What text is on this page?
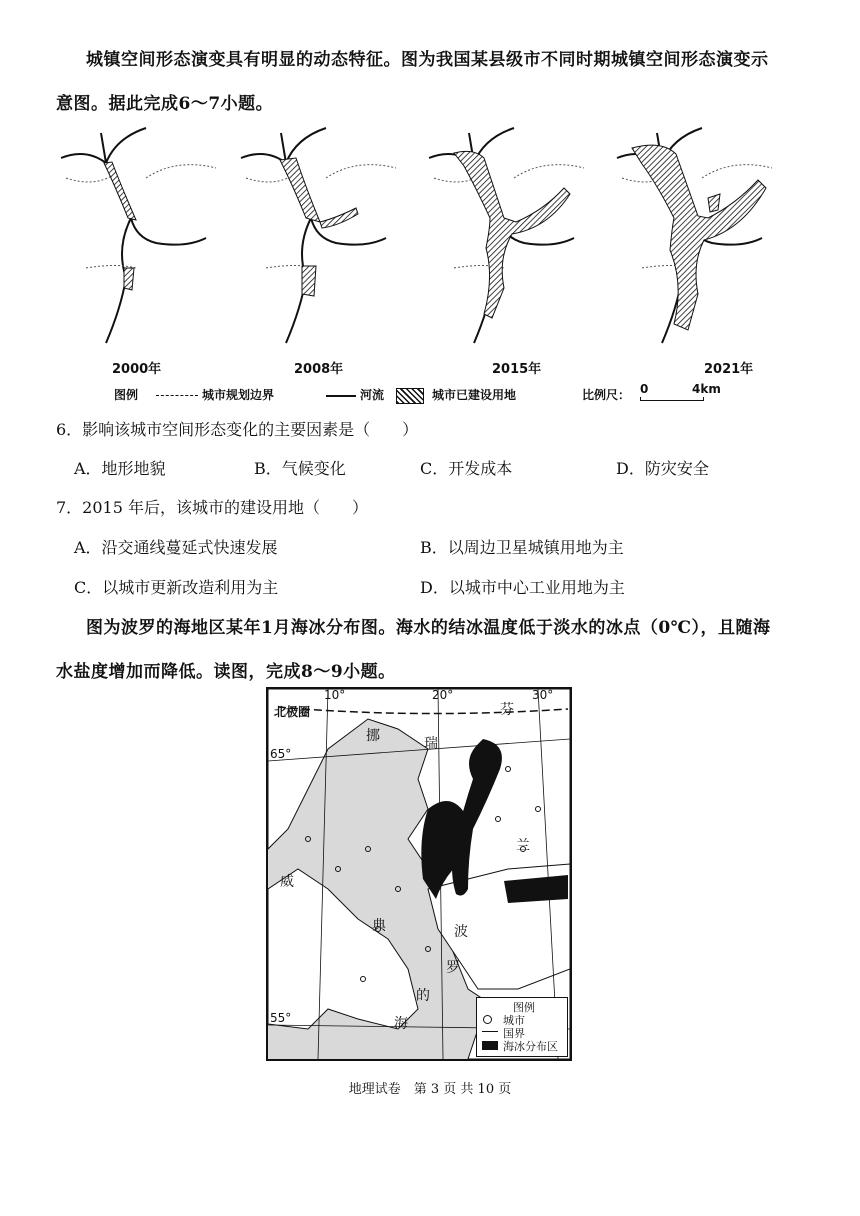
城镇空间形态演变具有明显的动态特征。图为我国某县级市不同时期城镇空间形态演变示
意图。据此完成6～7小题。
2000年	2008年	2015年	2021年
图例	城市规划边界	河流	城市已建设用地	比例尺： 0	4km
6．影响该城市空间形态变化的主要因素是（　　）
A．地形地貌	B．气候变化	C．开发成本	D．防灾安全
7．2015 年后，该城市的建设用地（　　）
A．沿交通线蔓延式快速发展	B．以周边卫星城镇用地为主
C．以城市更新改造利用为主	D．以城市中心工业用地为主
图为波罗的海地区某年1月海冰分布图。海水的结冰温度低于淡水的冰点（0℃），且随海
水盐度增加而降低。读图，完成8～9小题。
10°	20°	30°
65°
55°
北极圈
挪	瑞
芬
兰
威
典	波
罗
的
海
图例
城市
国界
海冰分布区
地理试卷　第 3 页 共 10 页
